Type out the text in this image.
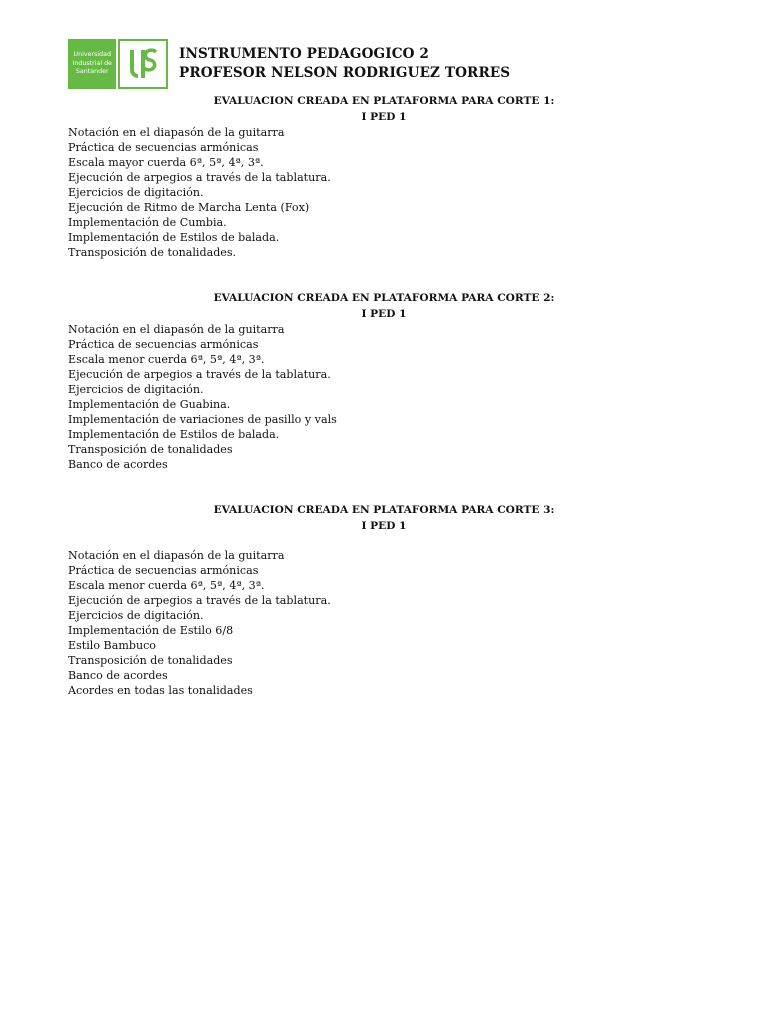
Universidad
Industrial de
Santander
INSTRUMENTO PEDAGOGICO 2
PROFESOR NELSON RODRIGUEZ TORRES
EVALUACION CREADA EN PLATAFORMA PARA CORTE 1:
I PED 1
Notación en el diapasón de la guitarra
Práctica de secuencias armónicas
Escala mayor cuerda 6ª, 5ª, 4ª, 3ª.
Ejecución de arpegios a través de la tablatura.
Ejercicios de digitación.
Ejecución de Ritmo de Marcha Lenta (Fox)
Implementación de Cumbia.
Implementación de Estilos de balada.
Transposición de tonalidades.
EVALUACION CREADA EN PLATAFORMA PARA CORTE 2:
I PED 1
Notación en el diapasón de la guitarra
Práctica de secuencias armónicas
Escala menor cuerda 6ª, 5ª, 4ª, 3ª.
Ejecución de arpegios a través de la tablatura.
Ejercicios de digitación.
Implementación de Guabina.
Implementación de variaciones de pasillo y vals
Implementación de Estilos de balada.
Transposición de tonalidades
Banco de acordes
EVALUACION CREADA EN PLATAFORMA PARA CORTE 3:
I PED 1
Notación en el diapasón de la guitarra
Práctica de secuencias armónicas
Escala menor cuerda 6ª, 5ª, 4ª, 3ª.
Ejecución de arpegios a través de la tablatura.
Ejercicios de digitación.
Implementación de Estilo 6/8
Estilo Bambuco
Transposición de tonalidades
Banco de acordes
Acordes en todas las tonalidades
